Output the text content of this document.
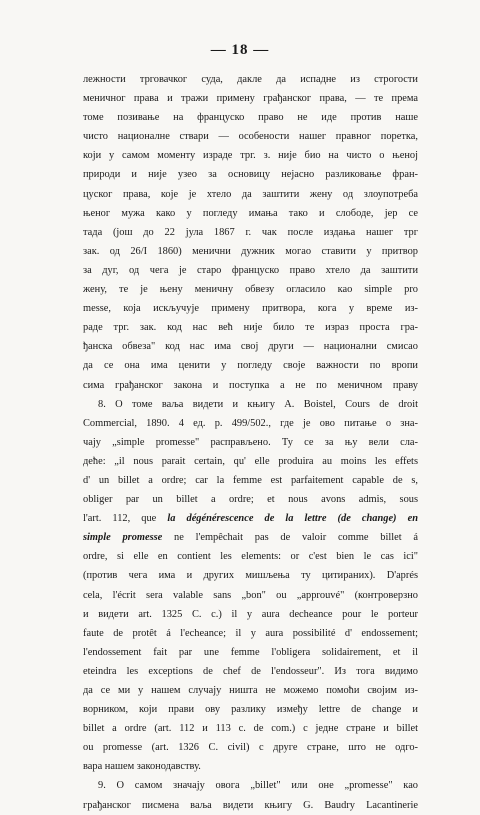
— 18 —
лежности трговачког суда, дакле да испадне из строгости
меничног права и тражи примену грађанског права, — те према
томе позивање на француско право не иде против наше
чисто националне ствари — особености нашег правног поретка,
који у самом моменту израде трг. з. није био на чисто о њеној
природи и није узео за основицу нејасно разликовање фран-
цуског права, које је хтело да заштити жену од злоупотреба
њеног мужа како у погледу имања тако и слободе, јер се
тада (још до 22 јула 1867 г. чак после издања нашег трг
зак. од 26/I 1860) менични дужник могао ставити у притвор
за дуг, од чега је старо француско право хтело да заштити
жену, те је њену меничну обвезу огласило као simple pro
messe, која искључује примену притвора, кога у време из-
раде трг. зак. код нас већ није било те израз проста гра-
ђанска обвеза" код нас има свој други — национални смисао
да се она има ценити у погледу своје важности по вропи
сима грађанског закона и поступка а не по меничном праву
8. О томе ваља видети и књигу A. Boistel, Cours de droit
Commercial, 1890. 4 ед. p. 499/502., где је ово питање о зна-
чају „simple promesse" расправљено. Ту се за њу вели сла-
деће: „il nous parait certain, qu' elle produira au moins les effets
d' un billet a ordre; car la femme est parfaitement capable de s,
obliger par un billet a ordre; et nous avons admis, sous
l'art. 112, que la dégénérescence de la lettre (de change) en
simple promesse ne l'empêchait pas de valoir comme billet á
ordre, si elle en contient les elements: or c'est bien le cas ici"
(против чега има и других мишљења ту цитираних). D'aprés
cela, l'écrit sera valable sans „bon" ou „approuvé" (контроверзно
и видети art. 1325 C. c.) il y aura decheance pour le porteur
faute de protêt á l'echeance; il y aura possibilité d' endossement;
l'endossement fait par une femme l'obligera solidairement, et il
eteindra les exceptions de chef de l'endosseur". Из тога видимо
да се ми у нашем случају ништа не можемо помоћи својим из-
ворником, који прави ову разлику између lettre de change и
billet a ordre (art. 112 и 113 c. de com.) с једне стране и billet
ou promesse (art. 1326 C. civil) с друге стране, што не одго-
вара нашем законодавству.
9. О самом значају овога „billet" или оне „promesse" као
грађанског писмена ваља видети књигу G. Baudry Lacantinerie
